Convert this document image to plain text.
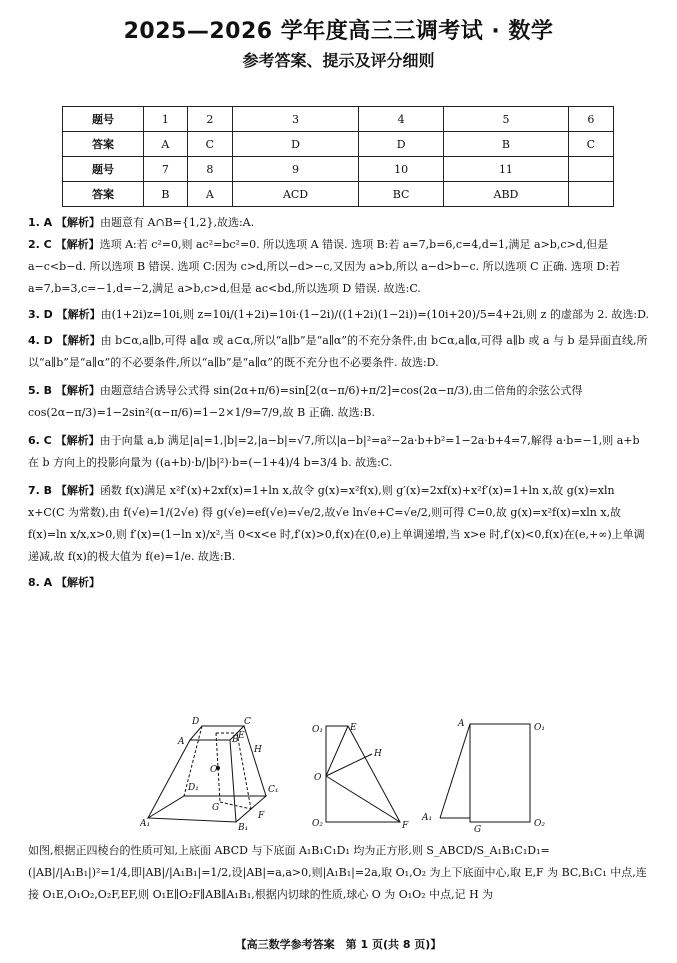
2025—2026 学年度高三三调考试 · 数学
参考答案、提示及评分细则
题号	1	2	3	4	5	6
答案	A	C	D	D	B	C
题号	7	8	9	10	11	
答案	B	A	ACD	BC	ABD	

1. A 【解析】由题意有 A∩B={1,2},故选:A.

2. C 【解析】选项 A:若 c²=0,则 ac²=bc²=0. 所以选项 A 错误. 选项 B:若 a=7,b=6,c=4,d=1,满足 a>b,c>d,但是 a−c<b−d. 所以选项 B 错误. 选项 C:因为 c>d,所以−d>−c,又因为 a>b,所以 a−d>b−c. 所以选项 C 正确. 选项 D:若 a=7,b=3,c=−1,d=−2,满足 a>b,c>d,但是 ac<bd,所以选项 D 错误. 故选:C.

3. D 【解析】由(1+2i)z=10i,则 z=10i/(1+2i)=10i·(1−2i)/((1+2i)(1−2i))=(10i+20)/5=4+2i,则 z 的虚部为 2. 故选:D.

4. D 【解析】由 b⊂α,a∥b,可得 a∥α 或 a⊂α,所以“a∥b”是“a∥α”的不充分条件,由 b⊂α,a∥α,可得 a∥b 或 a 与 b 是异面直线,所以“a∥b”是“a∥α”的不必要条件,所以“a∥b”是“a∥α”的既不充分也不必要条件. 故选:D.

5. B 【解析】由题意结合诱导公式得 sin(2α+π/6)=sin[2(α−π/6)+π/2]=cos(2α−π/3),由二倍角的余弦公式得 cos(2α−π/3)=1−2sin²(α−π/6)=1−2×1/9=7/9,故 B 正确. 故选:B.

6. C 【解析】由于向量 a,b 满足|a|=1,|b|=2,|a−b|=√7,所以|a−b|²=a²−2a·b+b²=1−2a·b+4=7,解得 a·b=−1,则 a+b 在 b 方向上的投影向量为 ((a+b)·b/|b|²)·b=(−1+4)/4 b=3/4 b. 故选:C.

7. B 【解析】函数 f(x)满足 x²f′(x)+2xf(x)=1+ln x,故令 g(x)=x²f(x),则 g′(x)=2xf(x)+x²f′(x)=1+ln x,故 g(x)=xln x+C(C 为常数),由 f(√e)=1/(2√e) 得 g(√e)=ef(√e)=√e/2,故√e ln√e+C=√e/2,则可得 C=0,故 g(x)=x²f(x)=xln x,故 f(x)=ln x/x,x>0,则 f′(x)=(1−ln x)/x²,当 0<x<e 时,f′(x)>0,f(x)在(0,e)上单调递增,当 x>e 时,f′(x)<0,f(x)在(e,+∞)上单调递减,故 f(x)的极大值为 f(e)=1/e. 故选:B.

8. A 【解析】

D	C
A	B E
H
O
D₁	C₁
G
F
A₁	B₁
O₁	E
H
O
O₂	F
A	O₁
A₁
G
O₂

如图,根据正四棱台的性质可知,上底面 ABCD 与下底面 A₁B₁C₁D₁ 均为正方形,则 S_ABCD/S_A₁B₁C₁D₁=(|AB|/|A₁B₁|)²=1/4,即|AB|/|A₁B₁|=1/2,设|AB|=a,a>0,则|A₁B₁|=2a,取 O₁,O₂ 为上下底面中心,取 E,F 为 BC,B₁C₁ 中点,连接 O₁E,O₁O₂,O₂F,EF,则 O₁E∥O₂F∥AB∥A₁B₁,根据内切球的性质,球心 O 为 O₁O₂ 中点,记 H 为

【高三数学参考答案　第 1 页(共 8 页)】
